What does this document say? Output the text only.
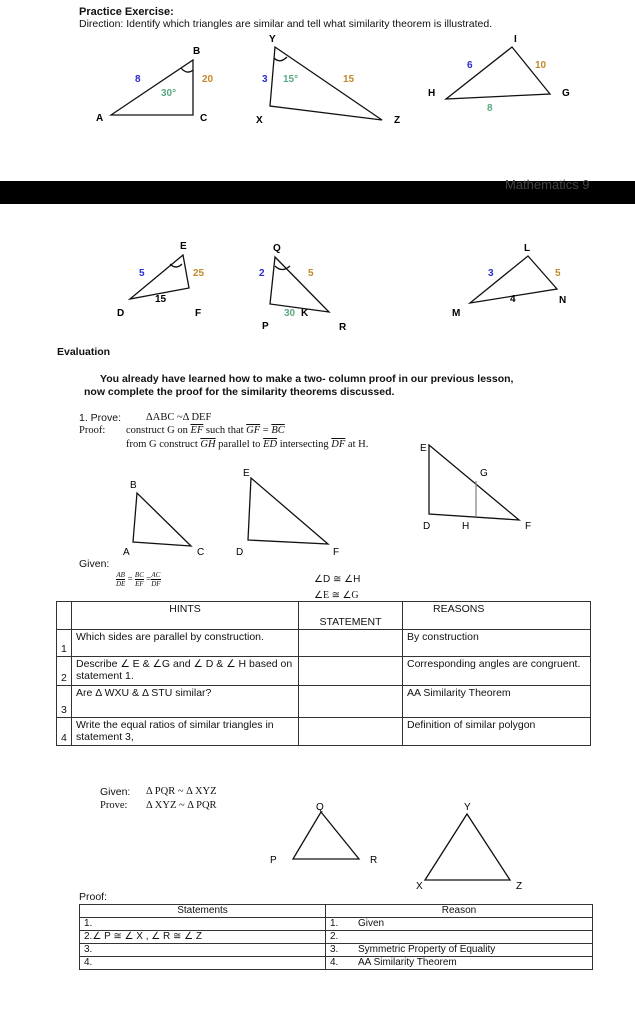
Practice Exercise:
Direction: Identify which triangles are similar and tell what similarity theorem is illustrated.
A
B
C
8	20
30°
X
Y
Z
3 15°	15
H
I
G
6	10
8
D
E
F
5	25
15
P
Q
R
2	5
30 K	M
L
N
3	5
4
B
A	C
E
D	F
E
G
D	H	F
P
Q
R
X
Y
Z
Mathematics 9
Evaluation
You already have learned how to make a two- column proof in our previous lesson,
now complete the proof for the similarity theorems discussed.
1. Prove: ΔABC ~Δ DEF
Proof: construct G on $\overline{EF}$ such that $\overline{GF} = \overline{BC}$
from G construct $\overline{GH}$ parallel to $\overline{ED}$ intersecting $\overline{DF}$ at H.
Given:
$\frac{AB}{DE} = \frac{BC}{EF} = \frac{AC}{DF}$	∠D ≅ ∠H
∠E ≅ ∠G
	HINTS	STATEMENT	REASONS
1	Which sides are parallel by construction.		By construction
2	Describe ∠ E & ∠G and ∠ D & ∠ H based on statement 1.		Corresponding angles are congruent.
3	Are Δ WXU & Δ STU similar?		AA Similarity Theorem
4	Write the equal ratios of similar triangles in statement 3,		Definition of similar polygon
Given: Δ PQR ~ Δ XYZ
Prove: Δ XYZ ~ Δ PQR
Proof:
Statements	Reason	
1.	1.	Given
2.∠ P ≅ ∠ X , ∠ R ≅ ∠ Z	2.	
3.	3.	Symmetric Property of Equality
4.	4.	AA Similarity Theorem
